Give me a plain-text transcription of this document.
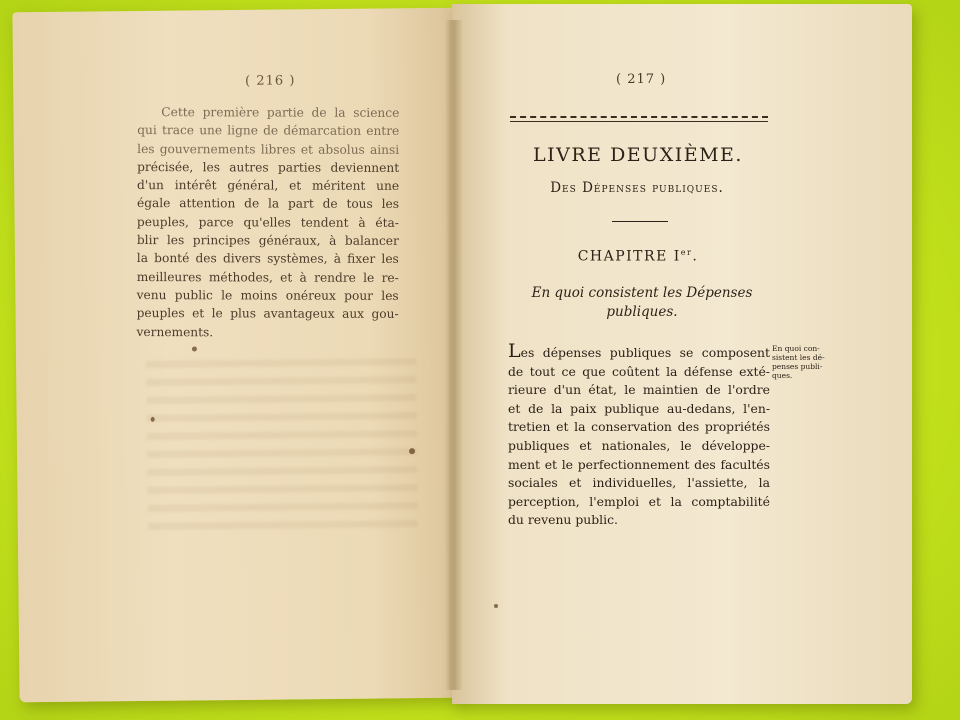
( 216 )
Cette première partie de la science
qui trace une ligne de démarcation entre
les gouvernements libres et absolus ainsi
précisée, les autres parties deviennent
d'un intérêt général, et méritent une
égale attention de la part de tous les
peuples, parce qu'elles tendent à éta-
blir les principes généraux, à balancer
la bonté des divers systèmes, à fixer les
meilleures méthodes, et à rendre le re-
venu public le moins onéreux pour les
peuples et le plus avantageux aux gou-
vernements.
( 217 )
LIVRE DEUXIÈME.
Des Dépenses publiques.
CHAPITRE Ier.
En quoi consistent les Dépenses
publiques.
Les dépenses publiques se composent
de tout ce que coûtent la défense exté-
rieure d'un état, le maintien de l'ordre
et de la paix publique au-dedans, l'en-
tretien et la conservation des propriétés
publiques et nationales, le développe-
ment et le perfectionnement des facultés
sociales et individuelles, l'assiette, la
perception, l'emploi et la comptabilité
du revenu public.
En quoi con-
sistent les dé-
penses publi-
ques.
